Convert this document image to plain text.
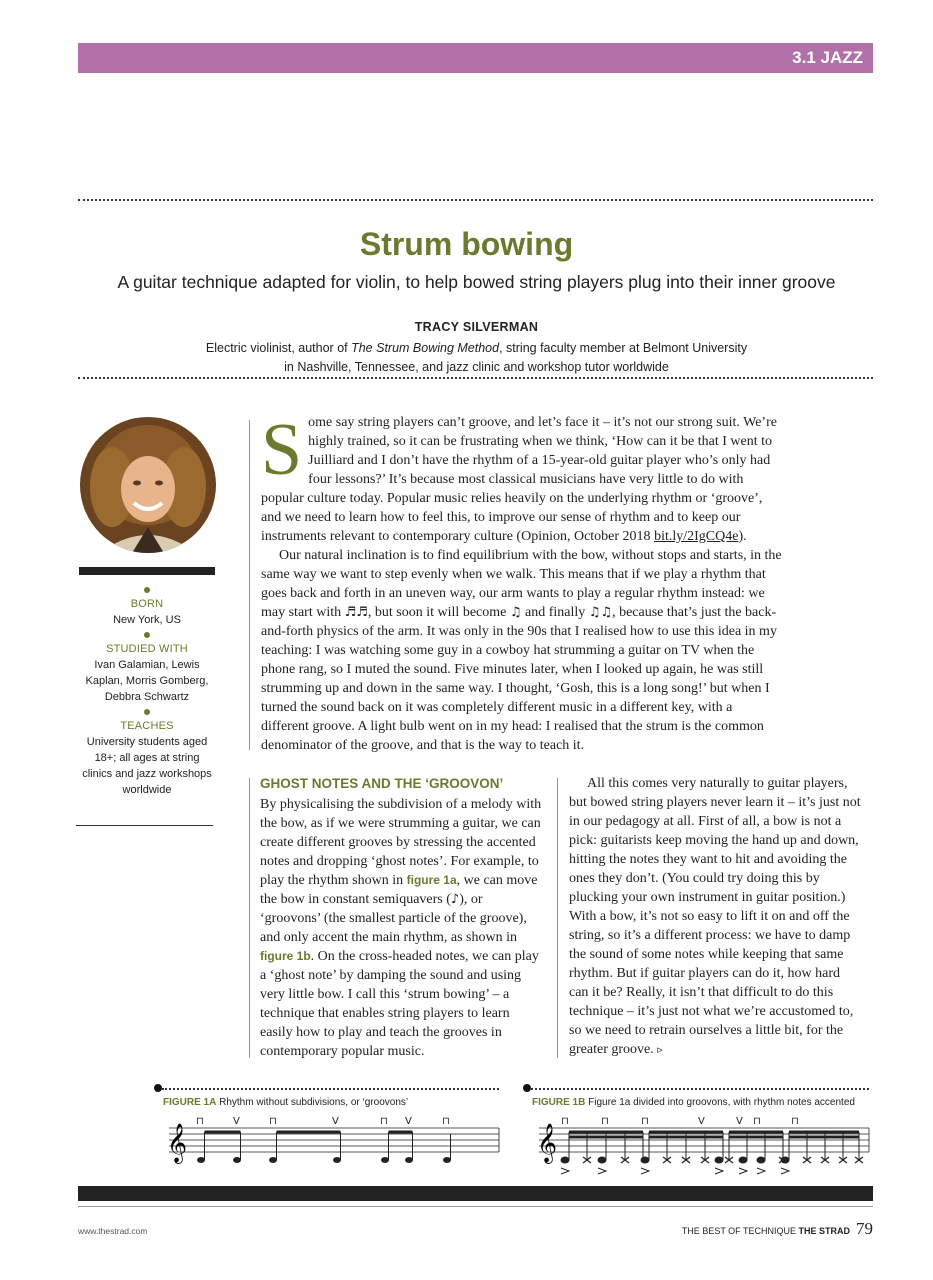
3.1 JAZZ
Strum bowing
A guitar technique adapted for violin, to help bowed string players plug into their inner groove
TRACY SILVERMAN
Electric violinist, author of The Strum Bowing Method, string faculty member at Belmont University
in Nashville, Tennessee, and jazz clinic and workshop tutor worldwide
BORN
New York, US
STUDIED WITH
Ivan Galamian, Lewis Kaplan, Morris Gomberg, Debbra Schwartz
TEACHES
University students aged 18+; all ages at string clinics and jazz workshops worldwide
S ome say string players can’t groove, and let’s face it – it’s not our strong suit. We’re highly trained, so it can be frustrating when we think, ‘How can it be that I went to Juilliard and I don’t have the rhythm of a 15-year-old guitar player who’s only had four lessons?’ It’s because most classical musicians have very little to do with popular culture today. Popular music relies heavily on the underlying rhythm or ‘groove’, and we need to learn how to feel this, to improve our sense of rhythm and to keep our instruments relevant to contemporary culture (Opinion, October 2018 bit.ly/2IgCQ4e).
Our natural inclination is to find equilibrium with the bow, without stops and starts, in the same way we want to step evenly when we walk. This means that if we play a rhythm that goes back and forth in an uneven way, our arm wants to play a regular rhythm instead: we may start with ♬♬, but soon it will become ♫ and finally ♫♫, because that’s just the back-and-forth physics of the arm. It was only in the 90s that I realised how to use this idea in my teaching: I was watching some guy in a cowboy hat strumming a guitar on TV when the phone rang, so I muted the sound. Five minutes later, when I looked up again, he was still strumming up and down in the same way. I thought, ‘Gosh, this is a long song!’ but when I turned the sound back on it was completely different music in a different key, with a different groove. A light bulb went on in my head: I realised that the strum is the common denominator of the groove, and that is the way to teach it.
GHOST NOTES AND THE ‘GROOVON’
By physicalising the subdivision of a melody with the bow, as if we were strumming a guitar, we can create different grooves by stressing the accented notes and dropping ‘ghost notes’. For example, to play the rhythm shown in figure 1a, we can move the bow in constant semiquavers (♪), or ‘groovons’ (the smallest particle of the groove), and only accent the main rhythm, as shown in figure 1b. On the cross-headed notes, we can play a ‘ghost note’ by damping the sound and using very little bow. I call this ‘strum bowing’ – a technique that enables string players to learn easily how to play and teach the grooves in contemporary popular music.
All this comes very naturally to guitar players, but bowed string players never learn it – it’s just not in our pedagogy at all. First of all, a bow is not a pick: guitarists keep moving the hand up and down, hitting the notes they want to hit and avoiding the ones they don’t. (You could try doing this by plucking your own instrument in guitar position.) With a bow, it’s not so easy to lift it on and off the string, so it’s a different process: we have to damp the sound of some notes while keeping that same rhythm. But if guitar players can do it, how hard can it be? Really, it isn’t that difficult to do this technique – it’s just not what we’re accustomed to, so we need to retrain ourselves a little bit, for the greater groove. ▹
FIGURE 1A Rhythm without subdivisions, or ‘groovons’	FIGURE 1B Figure 1a divided into groovons, with rhythm notes accented
𝄞
⊓	V	⊓	V	⊓ V	⊓
𝄞
⊓	⊓	⊓	V	V ⊓	⊓
www.thestrad.com	THE BEST OF TECHNIQUE THE STRAD 79
